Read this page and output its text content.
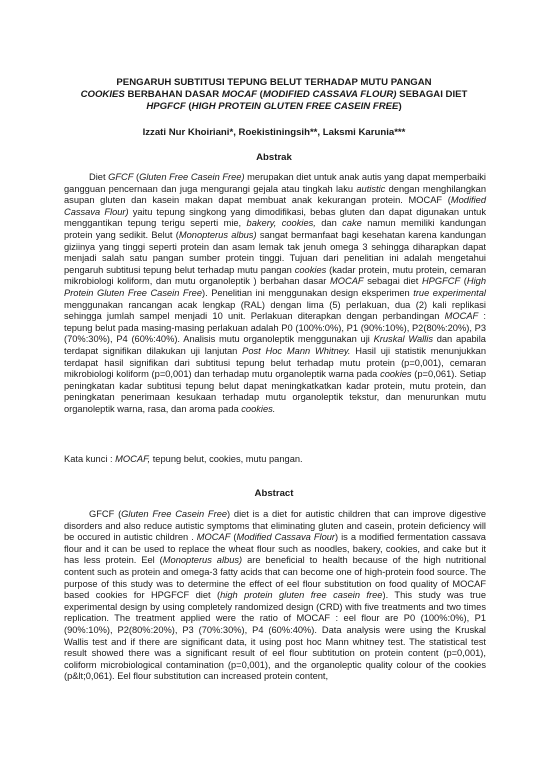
PENGARUH SUBTITUSI TEPUNG BELUT TERHADAP MUTU PANGAN
COOKIES BERBAHAN DASAR MOCAF (MODIFIED CASSAVA FLOUR) SEBAGAI DIET
HPGFCF (HIGH PROTEIN GLUTEN FREE CASEIN FREE)
Izzati Nur Khoiriani*, Roekistiningsih**, Laksmi Karunia***
Abstrak

Diet GFCF (Gluten Free Casein Free) merupakan diet untuk anak autis yang dapat memperbaiki gangguan pencernaan dan juga mengurangi gejala atau tingkah laku autistic dengan menghilangkan asupan gluten dan kasein makan dapat membuat anak kekurangan protein. MOCAF (Modified Cassava Flour) yaitu tepung singkong yang dimodifikasi, bebas gluten dan dapat digunakan untuk menggantikan tepung terigu seperti mie, bakery, cookies, dan cake namun memiliki kandungan protein yang sedikit. Belut (Monopterus albus) sangat bermanfaat bagi kesehatan karena kandungan giziinya yang tinggi seperti protein dan asam lemak tak jenuh omega 3 sehingga diharapkan dapat menjadi salah satu pangan sumber protein tinggi. Tujuan dari penelitian ini adalah mengetahui pengaruh subtitusi tepung belut terhadap mutu pangan cookies (kadar protein, mutu protein, cemaran mikrobiologi koliform, dan mutu organoleptik ) berbahan dasar MOCAF sebagai diet HPGFCF (High Protein Gluten Free Casein Free). Penelitian ini menggunakan design eksperimen true experimental menggunakan rancangan acak lengkap (RAL) dengan lima (5) perlakuan, dua (2) kali replikasi sehingga jumlah sampel menjadi 10 unit. Perlakuan diterapkan dengan perbandingan MOCAF : tepung belut pada masing-masing perlakuan adalah P0 (100%:0%), P1 (90%:10%), P2(80%:20%), P3 (70%:30%), P4 (60%:40%). Analisis mutu organoleptik menggunakan uji Kruskal Wallis dan apabila terdapat signifikan dilakukan uji lanjutan Post Hoc Mann Whitney. Hasil uji statistik menunjukkan terdapat hasil signifikan dari subtitusi tepung belut terhadap mutu protein (p=0,001), cemaran mikrobiologi koliform (p=0,001) dan terhadap mutu organoleptik warna pada cookies (p=0,061). Setiap peningkatan kadar subtitusi tepung belut dapat meningkatkatkan kadar protein, mutu protein, dan peningkatan penerimaan kesukaan terhadap mutu organoleptik tekstur, dan menurunkan mutu organoleptik warna, rasa, dan aroma pada cookies.

Kata kunci : MOCAF, tepung belut, cookies, mutu pangan.

Abstract

GFCF (Gluten Free Casein Free) diet is a diet for autistic children that can improve digestive disorders and also reduce autistic symptoms that eliminating gluten and casein, protein deficiency will be occured in autistic children . MOCAF (Modified Cassava Flour) is a modified fermentation cassava flour and it can be used to replace the wheat flour such as noodles, bakery, cookies, and cake but it has less protein. Eel (Monopterus albus) are beneficial to health because of the high nutritional content such as protein and omega-3 fatty acids that can become one of high-protein food source. The purpose of this study was to determine the effect of eel flour substitution on food quality of MOCAF based cookies for HPGFCF diet (high protein gluten free casein free). This study was true experimental design by using completely randomized design (CRD) with five treatments and two times replication. The treatment applied were the ratio of MOCAF : eel flour are P0 (100%:0%), P1 (90%:10%), P2(80%:20%), P3 (70%:30%), P4 (60%:40%). Data analysis were using the Kruskal Wallis test and if there are significant data, it using post hoc Mann whitney test. The statistical test result showed there was a significant result of eel flour subtitution on protein content (p=0,001), coliform microbiological contamination (p=0,001), and the organoleptic quality colour of the cookies (p&lt;0,061). Eel flour substitution can increased protein content,
